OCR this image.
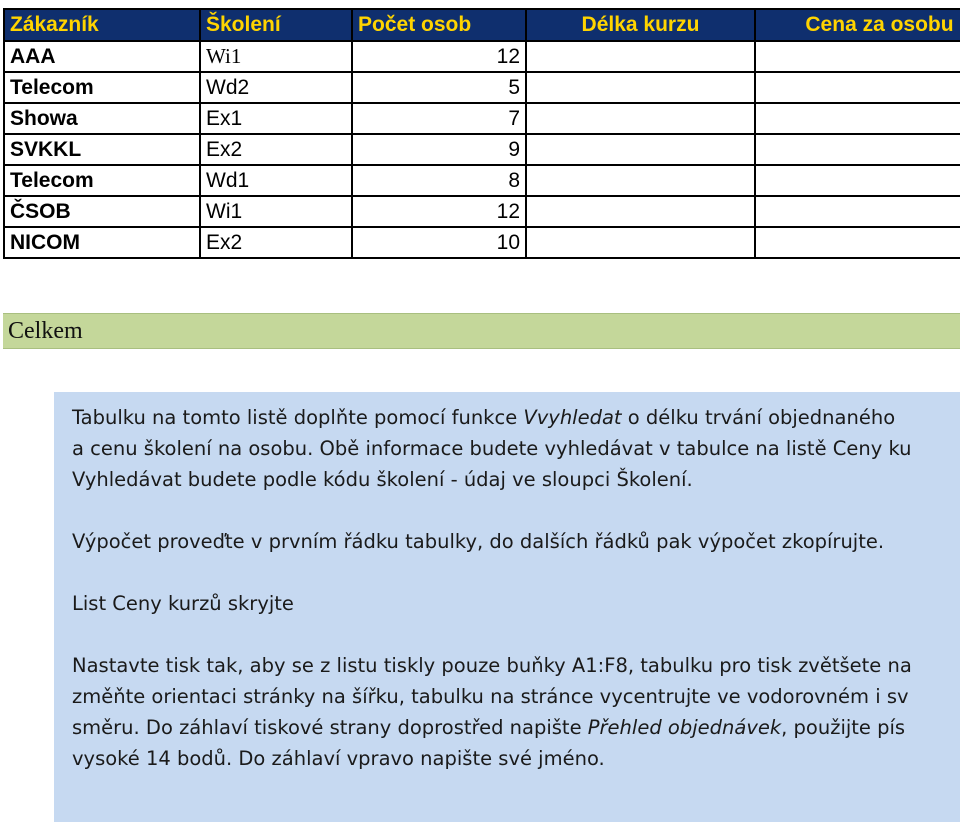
Zákazník	Školení	Počet osob	Délka kurzu	Cena za osobu
AAA	Wi1	12		
Telecom	Wd2	5		
Showa	Ex1	7		
SVKKL	Ex2	9		
Telecom	Wd1	8		
ČSOB	Wi1	12		
NICOM	Ex2	10		
Celkem

Tabulku na tomto listě doplňte pomocí funkce Vvyhledat o délku trvání objednaného

a cenu školení na osobu. Obě informace budete vyhledávat v tabulce na listě Ceny ku

Vyhledávat budete podle kódu školení - údaj ve sloupci Školení.

Výpočet proveďte v prvním řádku tabulky, do dalších řádků pak výpočet zkopírujte.

List Ceny kurzů skryjte

Nastavte tisk tak, aby se z listu tiskly pouze buňky A1:F8, tabulku pro tisk zvětšete na

změňte orientaci stránky na šířku, tabulku na stránce vycentrujte ve vodorovném i sv

směru. Do záhlaví tiskové strany doprostřed napište Přehled objednávek, použijte pís

vysoké 14 bodů. Do záhlaví vpravo napište své jméno.
